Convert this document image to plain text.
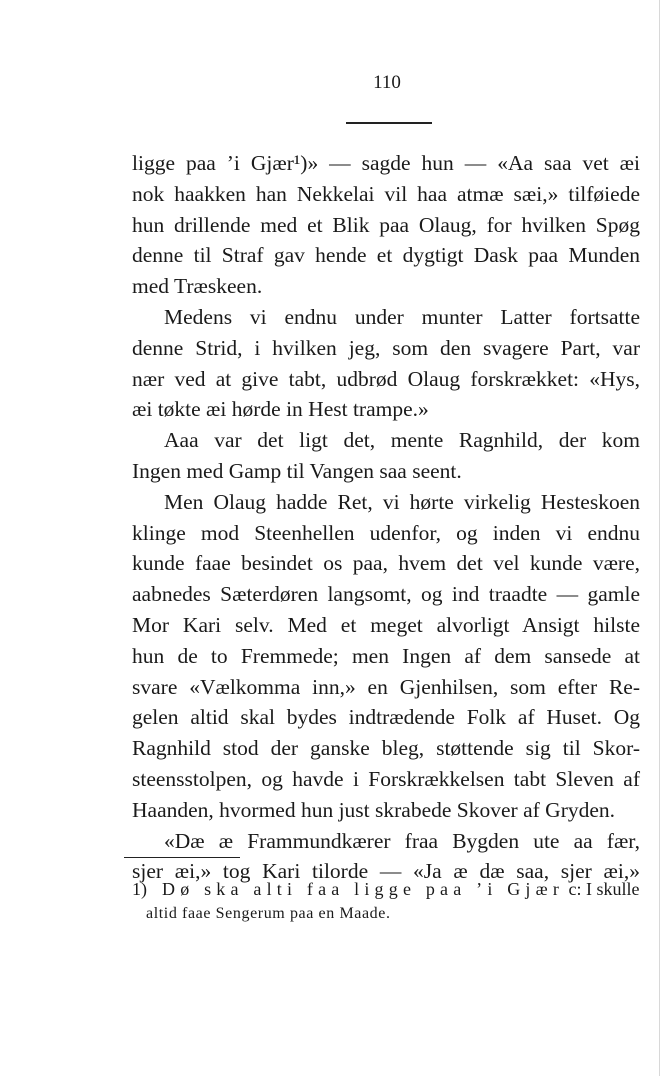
110
ligge paa ’i Gjær¹)» — sagde hun — «Aa saa vet æi
nok haakken han Nekkelai vil haa atmæ sæi,» tilføiede
hun drillende med et Blik paa Olaug, for hvilken Spøg
denne til Straf gav hende et dygtigt Dask paa Munden
med Træskeen.
Medens vi endnu under munter Latter fortsatte
denne Strid, i hvilken jeg, som den svagere Part, var
nær ved at give tabt, udbrød Olaug forskrækket: «Hys,
æi tøkte æi hørde in Hest trampe.»
Aaa var det ligt det, mente Ragnhild, der kom
Ingen med Gamp til Vangen saa seent.
Men Olaug hadde Ret, vi hørte virkelig Hesteskoen
klinge mod Steenhellen udenfor, og inden vi endnu
kunde faae besindet os paa, hvem det vel kunde være,
aabnedes Sæterdøren langsomt, og ind traadte — gamle
Mor Kari selv. Med et meget alvorligt Ansigt hilste
hun de to Fremmede; men Ingen af dem sansede at
svare «Vælkomma inn,» en Gjenhilsen, som efter Re-
gelen altid skal bydes indtrædende Folk af Huset. Og
Ragnhild stod der ganske bleg, støttende sig til Skor-
steensstolpen, og havde i Forskrækkelsen tabt Sleven af
Haanden, hvormed hun just skrabede Skover af Gryden.
«Dæ æ Frammundkærer fraa Bygden ute aa fær,
sjer æi,» tog Kari tilorde — «Ja æ dæ saa, sjer æi,»
1) Dø ska alti faa ligge paa ’i Gjær c: I skulle
altid faae Sengerum paa en Maade.
